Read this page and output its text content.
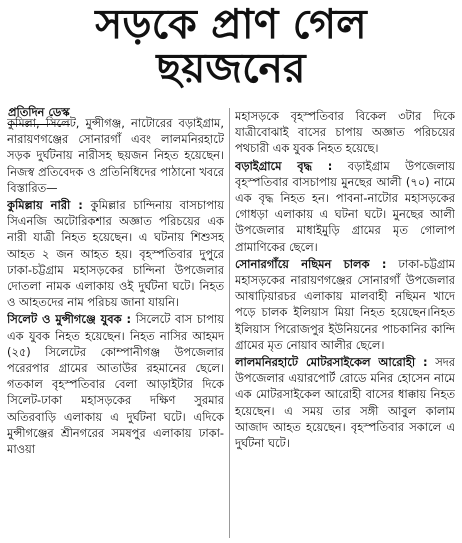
সড়কে প্রাণ গেল
ছয়জনের
প্রতিদিন ডেস্ক

কুমিল্লা, সিলেট, মুন্সীগঞ্জ, নাটোরের বড়াইগ্রাম, নারায়ণগঞ্জের সোনারগাঁ এবং লালমনিরহাটে সড়ক দুর্ঘটনায় নারীসহ ছয়জন নিহত হয়েছেন। নিজস্ব প্রতিবেদক ও প্রতিনিধিদের পাঠানো খবরে বিস্তারিত—

কুমিল্লায় নারী : কুমিল্লার চান্দিনায় বাসচাপায় সিএনজি অটোরিকশার অজ্ঞাত পরিচয়ের এক নারী যাত্রী নিহত হয়েছেন। এ ঘটনায় শিশুসহ আহত ২ জন আহত হয়। বৃহস্পতিবার দুপুরে ঢাকা-চট্টগ্রাম মহাসড়কের চান্দিনা উপজেলার দোতলা নামক এলাকায় ওই দুর্ঘটনা ঘটে। নিহত ও আহতদের নাম পরিচয় জানা যায়নি।

সিলেট ও মুন্সীগঞ্জে যুবক : সিলেটে বাস চাপায় এক যুবক নিহত হয়েছেন। নিহত নাসির আহমদ (২৫) সিলেটের কোম্পানীগঞ্জ উপজেলার পরেরপার গ্রামের আতাউর রহমানের ছেলে। গতকাল বৃহস্পতিবার বেলা আড়াইটার দিকে সিলেট-ঢাকা মহাসড়কের দক্ষিণ সুরমার অতিরবাড়ি এলাকায় এ দুর্ঘটনা ঘটে। এদিকে মুন্সীগঞ্জের শ্রীনগরের সমষপুর এলাকায় ঢাকা-মাওয়া

মহাসড়কে বৃহস্পতিবার বিকেল ৩টার দিকে যাত্রীবোঝাই বাসের চাপায় অজ্ঞাত পরিচয়ের পথচারী এক যুবক নিহত হয়েছে।

বড়াইগ্রামে বৃদ্ধ : বড়াইগ্রাম উপজেলায় বৃহস্পতিবার বাসচাপায় মুনছের আলী (৭০) নামে এক বৃদ্ধ নিহত হন। পাবনা-নাটোর মহাসড়কের গোধড়া এলাকায় এ ঘটনা ঘটে। মুনছের আলী উপজেলার মাধাইমুড়ি গ্রামের মৃত গোলাপ প্রামাণিকের ছেলে।

সোনারগাঁয়ে নছিমন চালক : ঢাকা-চট্টগ্রাম মহাসড়কের নারায়ণগঞ্জের সোনারগাঁ উপজেলার আষাঢ়িয়ারচর এলাকায় মালবাহী নছিমন খাদে পড়ে চালক ইলিয়াস মিয়া নিহত হয়েছেন।নিহত ইলিয়াস পিরোজপুর ইউনিয়নের পাচকানির কান্দি গ্রামের মৃত নোয়াব আলীর ছেলে।

লালমনিরহাটে মোটরসাইকেল আরোহী : সদর উপজেলার এয়ারপোর্ট রোডে মনির হোসেন নামে এক মোটরসাইকেল আরোহী বাসের ধাক্কায় নিহত হয়েছেন। এ সময় তার সঙ্গী আবুল কালাম আজাদ আহত হয়েছেন। বৃহস্পতিবার সকালে এ দুর্ঘটনা ঘটে।
